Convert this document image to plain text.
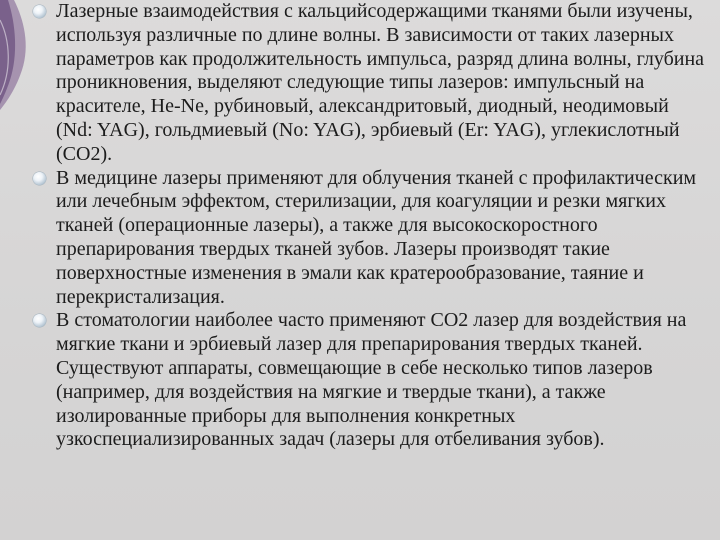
Лазерные взаимодействия с кальцийсодержащими тканями были изучены, используя различные по длине волны. В зависимости от таких лазерных параметров как продолжительность импульса, разряд длина волны, глубина проникновения, выделяют следующие типы лазеров: импульсный на красителе, He-Ne, рубиновый, александритовый, диодный, неодимовый (Nd: YAG), гольдмиевый (No: YAG), эрбиевый (Er: YAG), углекислотный (CO2).
В медицине лазеры применяют для облучения тканей с профилактическим или лечебным эффектом, стерилизации, для коагуляции и резки мягких тканей (операционные лазеры), а также для высокоскоростного препарирования твердых тканей зубов. Лазеры производят такие поверхностные изменения в эмали как кратерообразование, таяние и перекристализация.
В стоматологии наиболее часто применяют CO2 лазер для воздействия на мягкие ткани и эрбиевый лазер для препарирования твердых тканей. Существуют аппараты, совмещающие в себе несколько типов лазеров (например, для воздействия на мягкие и твердые ткани), а также изолированные приборы для выполнения конкретных узкоспециализированных задач (лазеры для отбеливания зубов).
